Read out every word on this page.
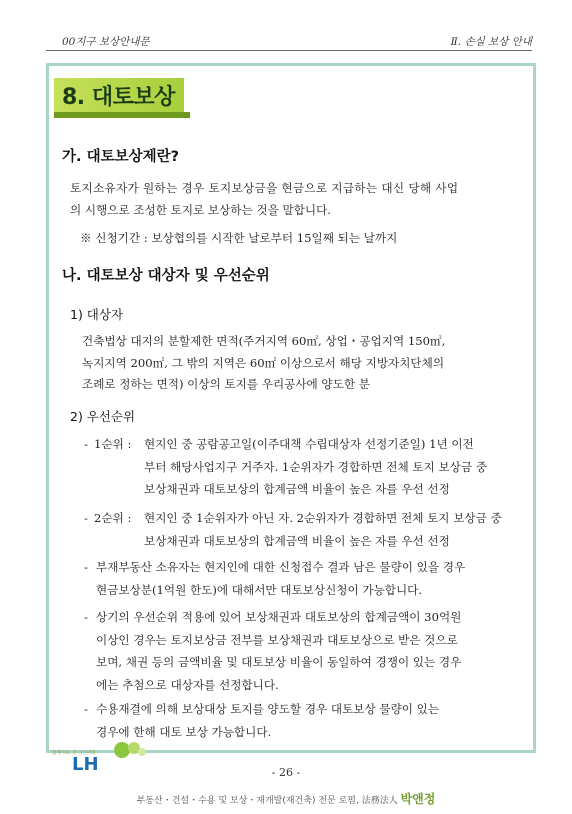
00지구 보상안내문	Ⅱ. 손실 보상 안내
8. 대토보상
가. 대토보상제란?
토지소유자가 원하는 경우 토지보상금을 현금으로 지급하는 대신 당해 사업
의 시행으로 조성한 토지로 보상하는 것을 말합니다.
※ 신청기간 : 보상협의를 시작한 날로부터 15일째 되는 날까지
나. 대토보상 대상자 및 우선순위
1) 대상자
건축법상 대지의 분할제한 면적(주거지역 60㎡, 상업・공업지역 150㎡,
녹지지역 200㎡, 그 밖의 지역은 60㎡ 이상으로서 해당 지방자치단체의
조례로 정하는 면적) 이상의 토지를 우리공사에 양도한 분
2) 우선순위
- 1순위 : 현지인 중 공람공고일(이주대책 수립대상자 선정기준일) 1년 이전
부터 해당사업지구 거주자. 1순위자가 경합하면 전체 토지 보상금 중
보상채권과 대토보상의 합계금액 비율이 높은 자를 우선 선정
- 2순위 : 현지인 중 1순위자가 아닌 자. 2순위자가 경합하면 전체 토지 보상금 중
보상채권과 대토보상의 합계금액 비율이 높은 자를 우선 선정
- 부재부동산 소유자는 현지인에 대한 신청접수 결과 남은 물량이 있을 경우
현금보상분(1억원 한도)에 대해서만 대토보상신청이 가능합니다.
- 상기의 우선순위 적용에 있어 보상채권과 대토보상의 합계금액이 30억원
이상인 경우는 토지보상금 전부를 보상채권과 대토보상으로 받은 것으로
보며, 채권 등의 금액비율 및 대토보상 비율이 동일하여 경쟁이 있는 경우
에는 추첨으로 대상자를 선정합니다.
- 수용재결에 의해 보상대상 토지를 양도할 경우 대토보상 물량이 있는
경우에 한해 대토 보상 가능합니다.
함께가요, 더 나은미래
LH	- 26 -
부동산・건설・수용 및 보상・재개발(재건축) 전문 로펌, 法務法人 박앤정
